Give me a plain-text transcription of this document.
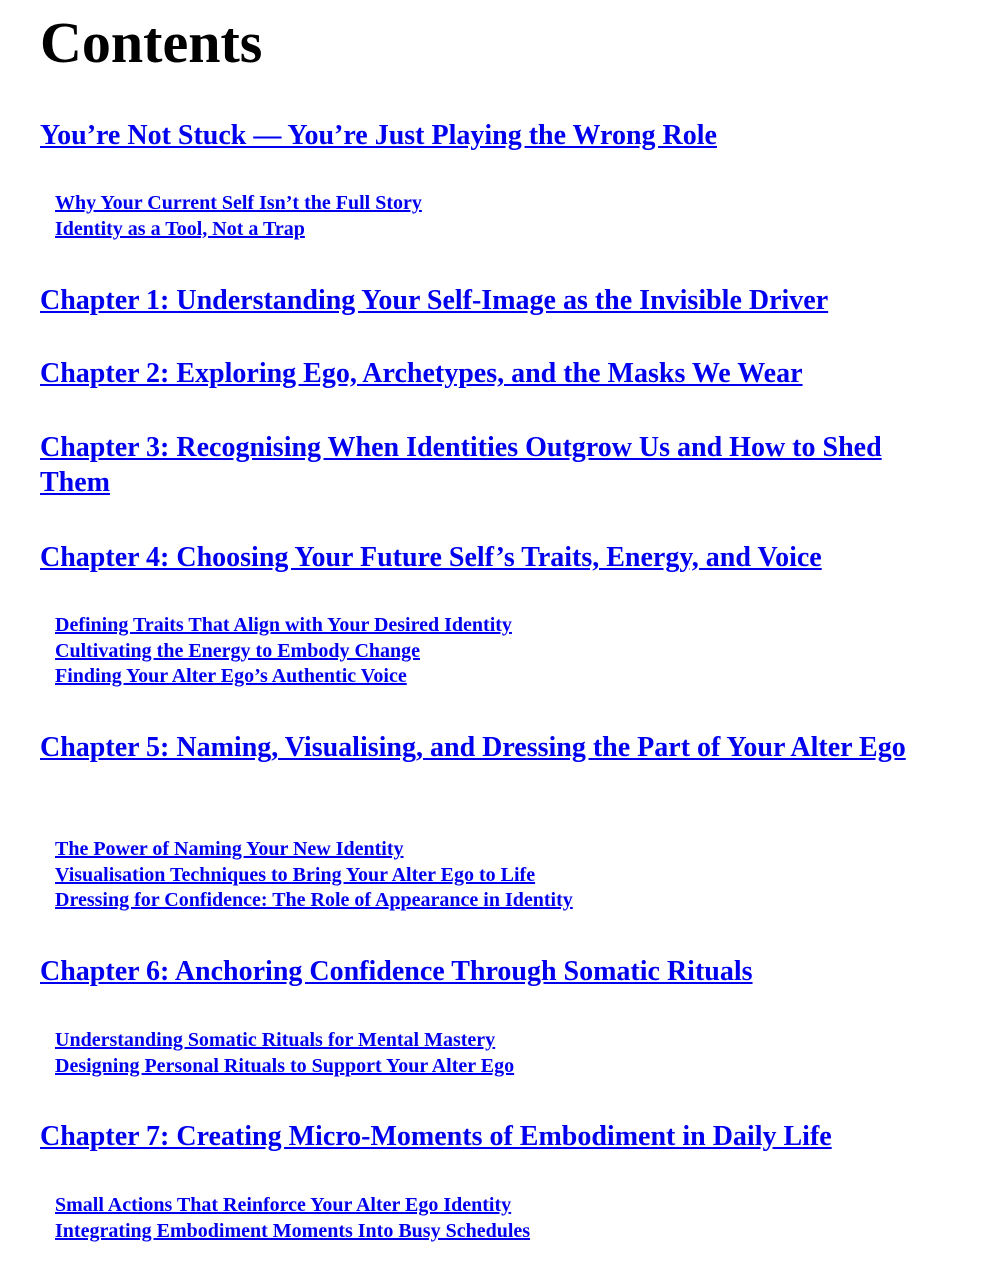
Contents
You’re Not Stuck — You’re Just Playing the Wrong Role
Why Your Current Self Isn’t the Full Story
Identity as a Tool, Not a Trap
Chapter 1: Understanding Your Self-Image as the Invisible Driver
Chapter 2: Exploring Ego, Archetypes, and the Masks We Wear
Chapter 3: Recognising When Identities Outgrow Us and How to Shed Them
Chapter 4: Choosing Your Future Self’s Traits, Energy, and Voice
Defining Traits That Align with Your Desired Identity
Cultivating the Energy to Embody Change
Finding Your Alter Ego’s Authentic Voice
Chapter 5: Naming, Visualising, and Dressing the Part of Your Alter Ego
The Power of Naming Your New Identity
Visualisation Techniques to Bring Your Alter Ego to Life
Dressing for Confidence: The Role of Appearance in Identity
Chapter 6: Anchoring Confidence Through Somatic Rituals
Understanding Somatic Rituals for Mental Mastery
Designing Personal Rituals to Support Your Alter Ego
Chapter 7: Creating Micro-Moments of Embodiment in Daily Life
Small Actions That Reinforce Your Alter Ego Identity
Integrating Embodiment Moments Into Busy Schedules
